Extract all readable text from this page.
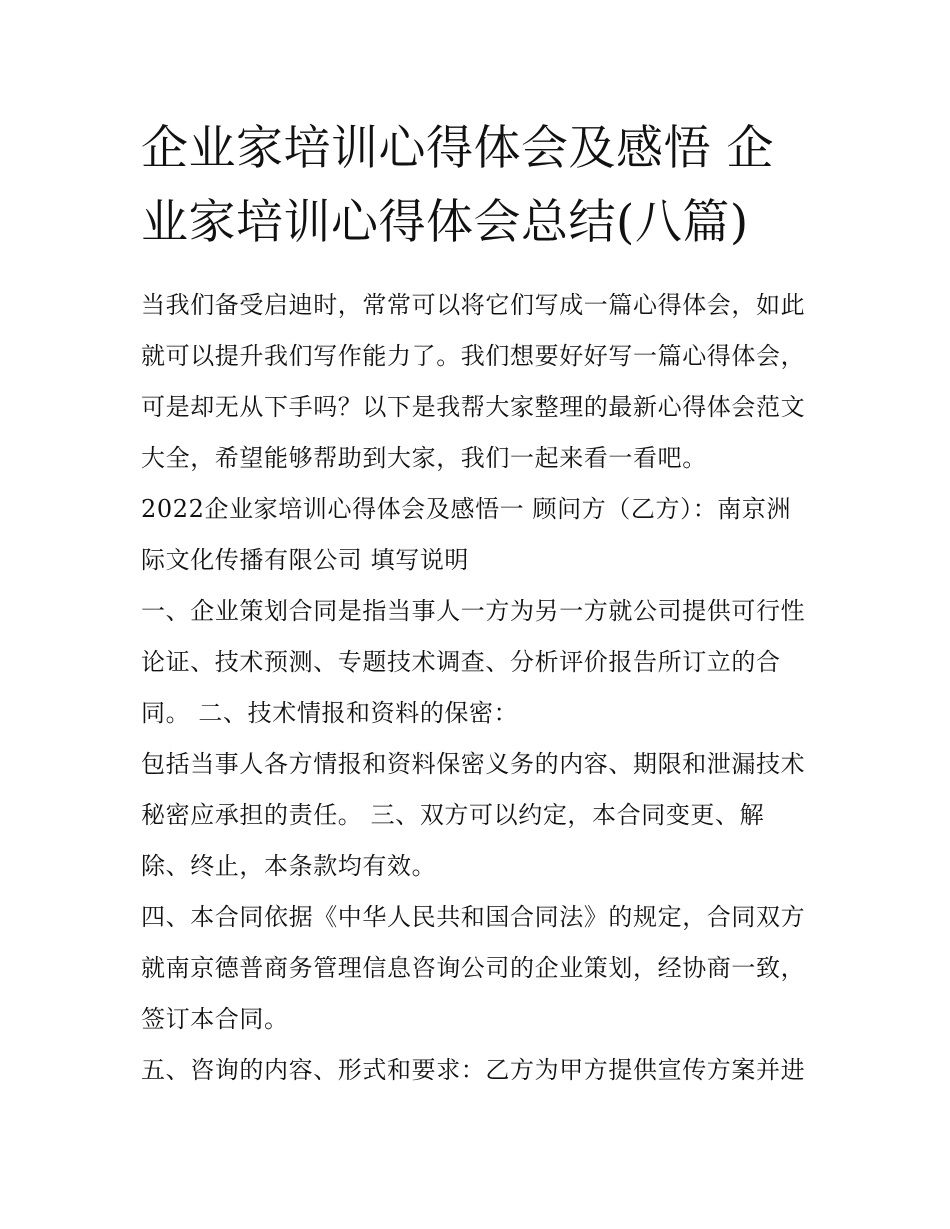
企业家培训心得体会及感悟 企业家培训心得体会总结(八篇)

当我们备受启迪时，常常可以将它们写成一篇心得体会，如此就可以提升我们写作能力了。我们想要好好写一篇心得体会，可是却无从下手吗？以下是我帮大家整理的最新心得体会范文大全，希望能够帮助到大家，我们一起来看一看吧。

2022企业家培训心得体会及感悟一 顾问方（乙方）：南京洲际文化传播有限公司 填写说明

一、企业策划合同是指当事人一方为另一方就公司提供可行性论证、技术预测、专题技术调查、分析评价报告所订立的合同。 二、技术情报和资料的保密：

包括当事人各方情报和资料保密义务的内容、期限和泄漏技术秘密应承担的责任。 三、双方可以约定，本合同变更、解除、终止，本条款均有效。

四、本合同依据《中华人民共和国合同法》的规定，合同双方就南京德普商务管理信息咨询公司的企业策划，经协商一致，签订本合同。

五、咨询的内容、形式和要求：乙方为甲方提供宣传方案并进
